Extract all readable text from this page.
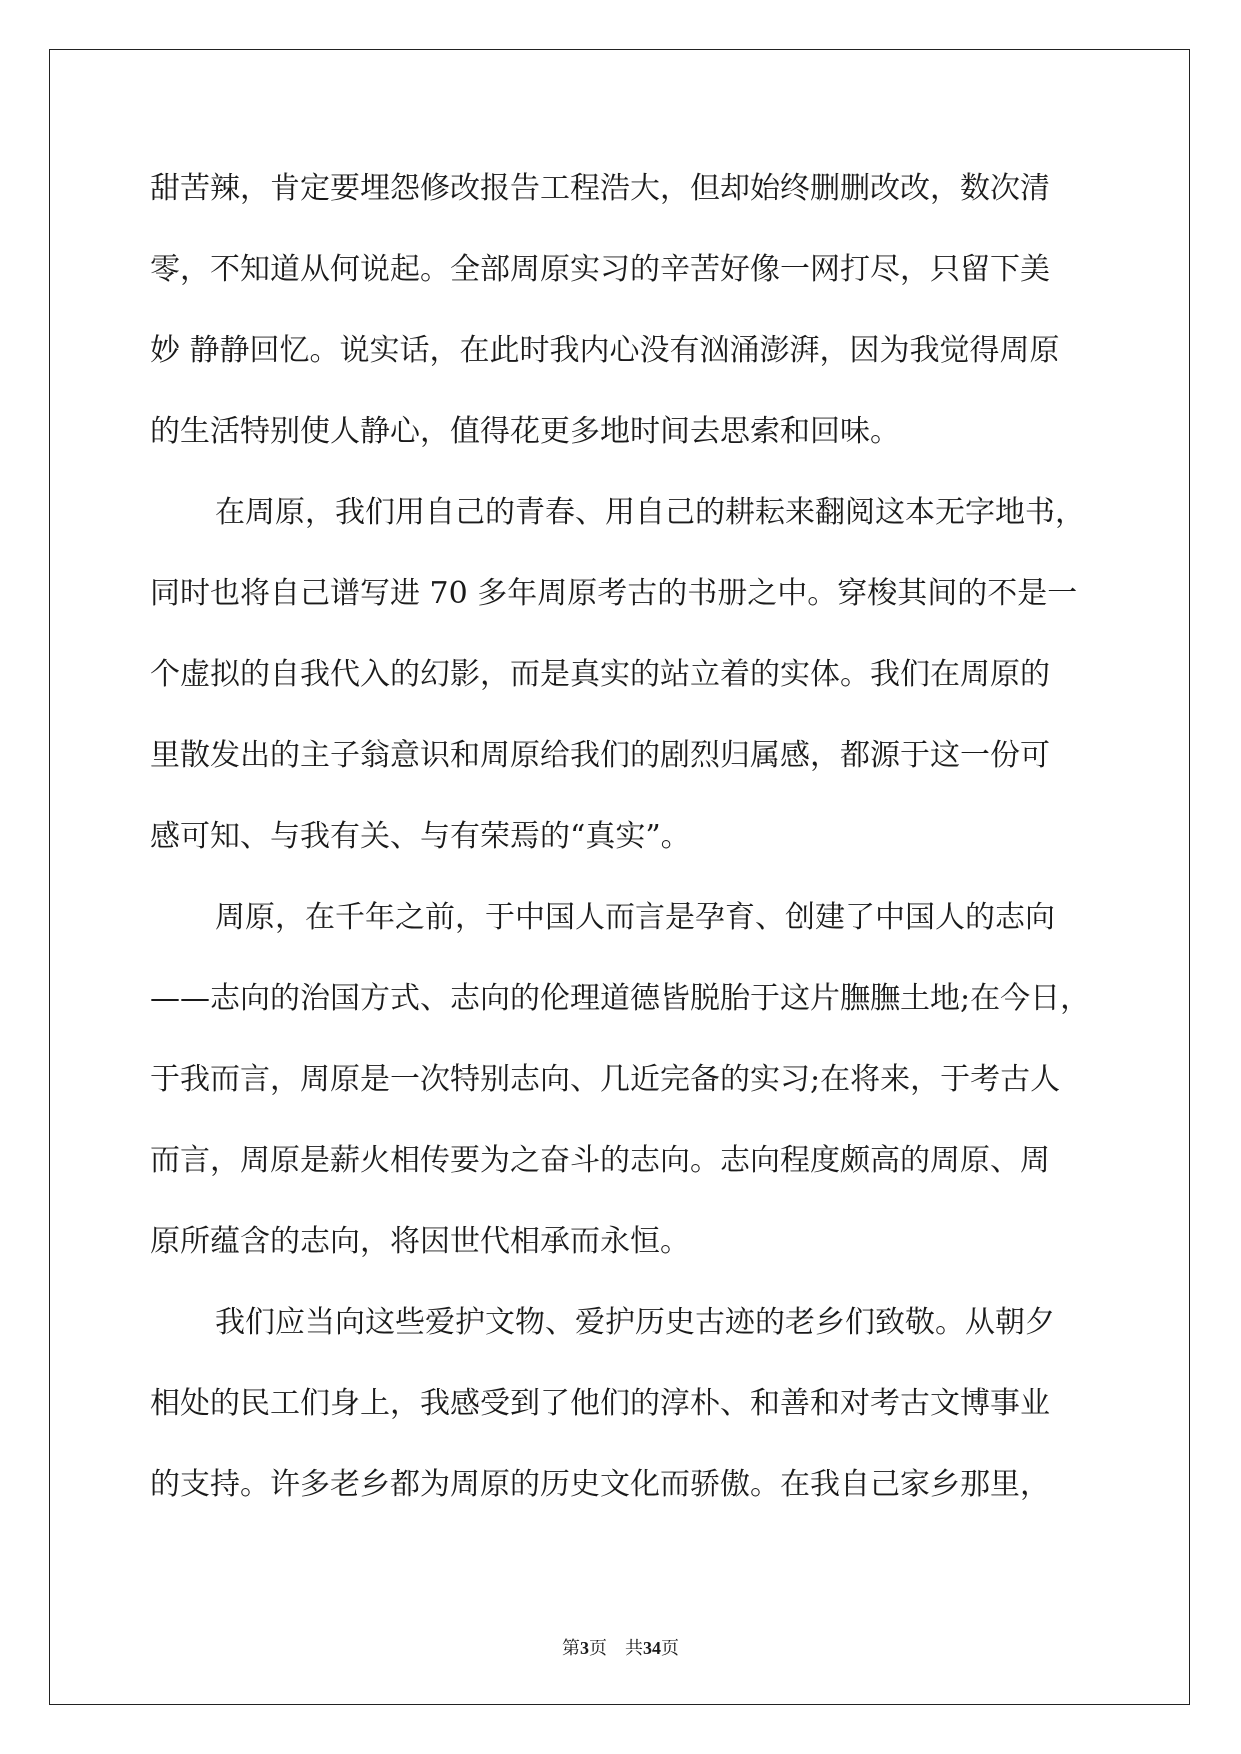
甜苦辣，肯定要埋怨修改报告工程浩大，但却始终删删改改，数次清
零，不知道从何说起。全部周原实习的辛苦好像一网打尽，只留下美
妙 静静回忆。说实话，在此时我内心没有汹涌澎湃，因为我觉得周原
的生活特别使人静心，值得花更多地时间去思索和回味。
在周原，我们用自己的青春、用自己的耕耘来翻阅这本无字地书，
同时也将自己谱写进 70 多年周原考古的书册之中。穿梭其间的不是一
个虚拟的自我代入的幻影，而是真实的站立着的实体。我们在周原的
里散发出的主子翁意识和周原给我们的剧烈归属感，都源于这一份可
感可知、与我有关、与有荣焉的“真实”。
周原，在千年之前，于中国人而言是孕育、创建了中国人的志向
——志向的治国方式、志向的伦理道德皆脱胎于这片膴膴土地;在今日，
于我而言，周原是一次特别志向、几近完备的实习;在将来，于考古人
而言，周原是薪火相传要为之奋斗的志向。志向程度颇高的周原、周
原所蕴含的志向，将因世代相承而永恒。
我们应当向这些爱护文物、爱护历史古迹的老乡们致敬。从朝夕
相处的民工们身上，我感受到了他们的淳朴、和善和对考古文博事业
的支持。许多老乡都为周原的历史文化而骄傲。在我自己家乡那里，
第3页 共34页
